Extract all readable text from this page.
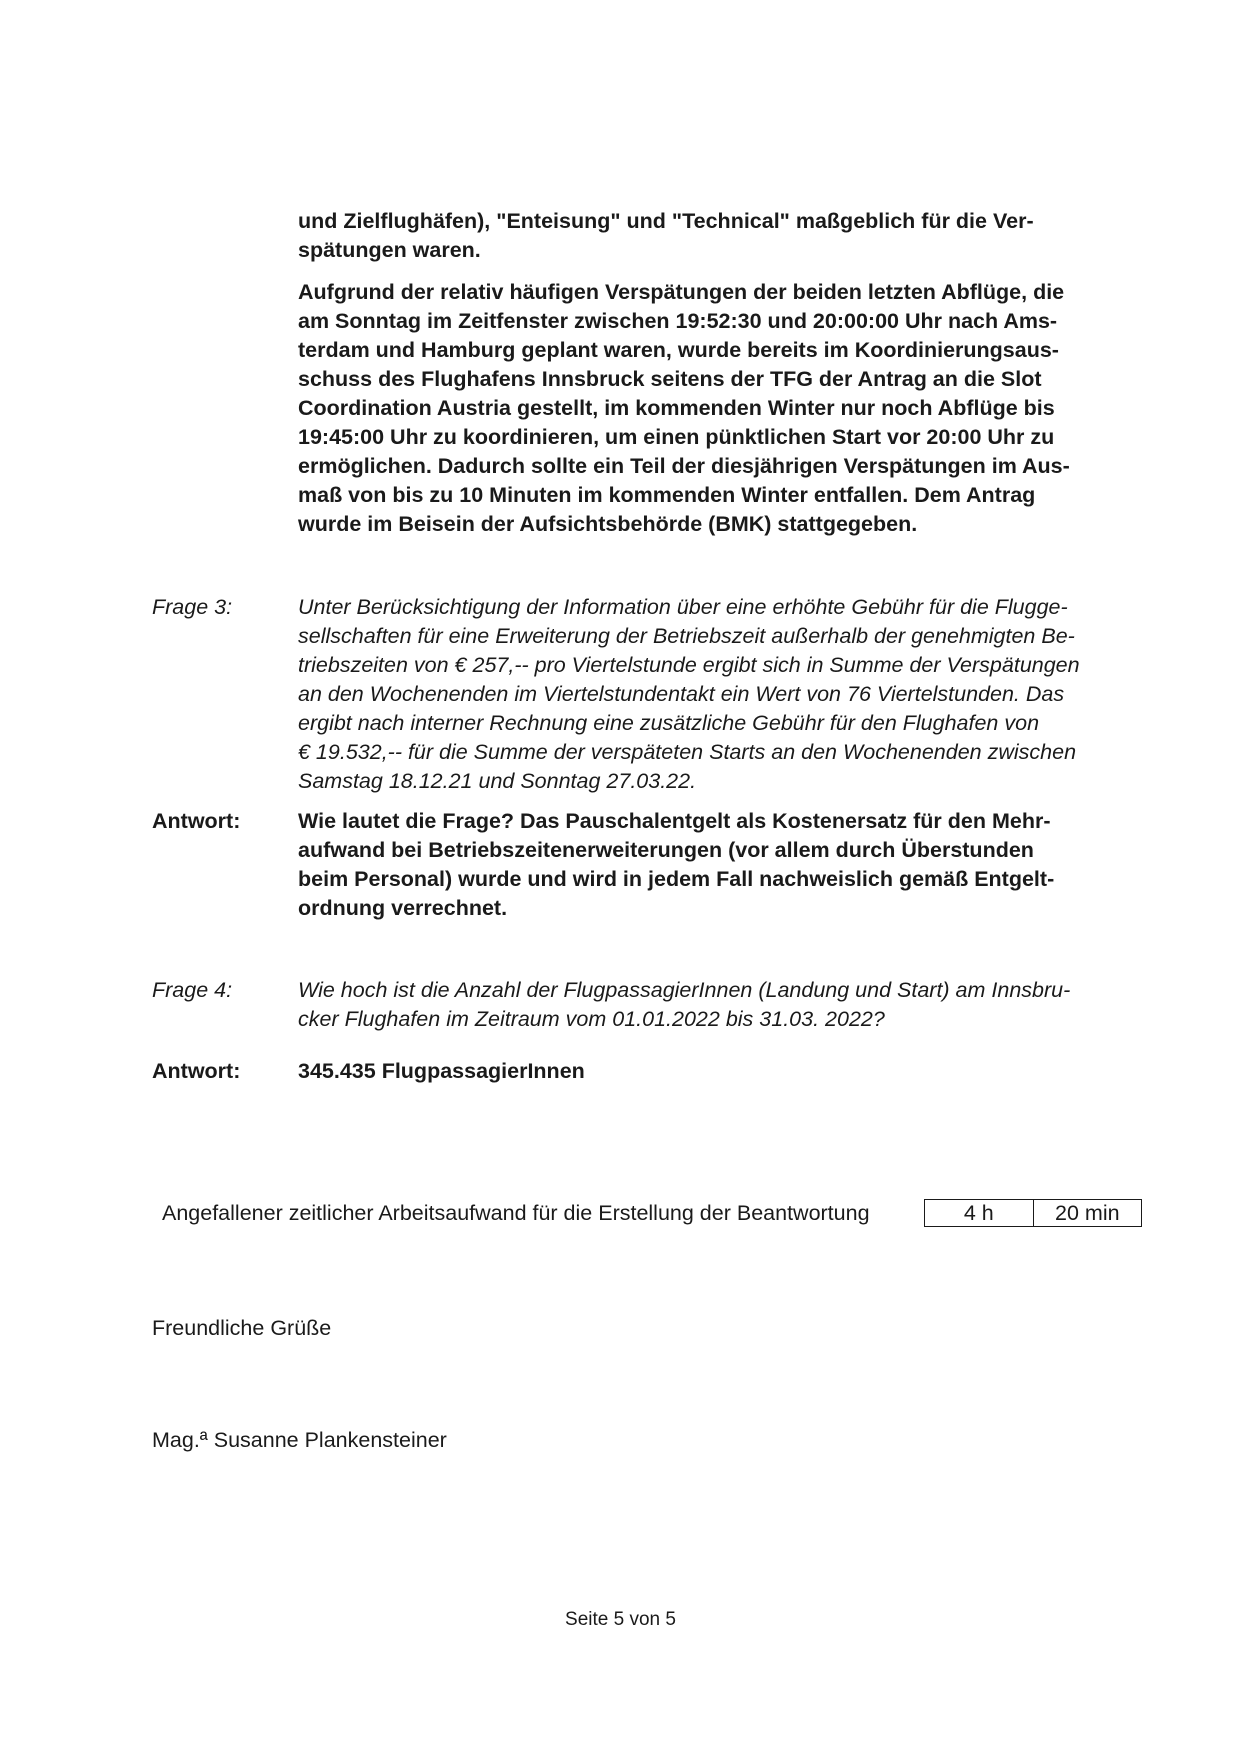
und Zielflughäfen), "Enteisung" und "Technical" maßgeblich für die Ver-
spätungen waren.
Aufgrund der relativ häufigen Verspätungen der beiden letzten Abflüge, die
am Sonntag im Zeitfenster zwischen 19:52:30 und 20:00:00 Uhr nach Ams-
terdam und Hamburg geplant waren, wurde bereits im Koordinierungsaus-
schuss des Flughafens Innsbruck seitens der TFG der Antrag an die Slot
Coordination Austria gestellt, im kommenden Winter nur noch Abflüge bis
19:45:00 Uhr zu koordinieren, um einen pünktlichen Start vor 20:00 Uhr zu
ermöglichen. Dadurch sollte ein Teil der diesjährigen Verspätungen im Aus-
maß von bis zu 10 Minuten im kommenden Winter entfallen. Dem Antrag
wurde im Beisein der Aufsichtsbehörde (BMK) stattgegeben.
Frage 3:	Unter Berücksichtigung der Information über eine erhöhte Gebühr für die Flugge-
sellschaften für eine Erweiterung der Betriebszeit außerhalb der genehmigten Be-
triebszeiten von € 257,-- pro Viertelstunde ergibt sich in Summe der Verspätungen
an den Wochenenden im Viertelstundentakt ein Wert von 76 Viertelstunden. Das
ergibt nach interner Rechnung eine zusätzliche Gebühr für den Flughafen von
€ 19.532,-- für die Summe der verspäteten Starts an den Wochenenden zwischen
Samstag 18.12.21 und Sonntag 27.03.22.
Antwort:	Wie lautet die Frage? Das Pauschalentgelt als Kostenersatz für den Mehr-
aufwand bei Betriebszeitenerweiterungen (vor allem durch Überstunden
beim Personal) wurde und wird in jedem Fall nachweislich gemäß Entgelt-
ordnung verrechnet.
Frage 4:	Wie hoch ist die Anzahl der FlugpassagierInnen (Landung und Start) am Innsbru-
cker Flughafen im Zeitraum vom 01.01.2022 bis 31.03. 2022?
Antwort:	345.435 FlugpassagierInnen
Angefallener zeitlicher Arbeitsaufwand für die Erstellung der Beantwortung	4 h	20 min
Freundliche Grüße
Mag.ª Susanne Plankensteiner
Seite 5 von 5
